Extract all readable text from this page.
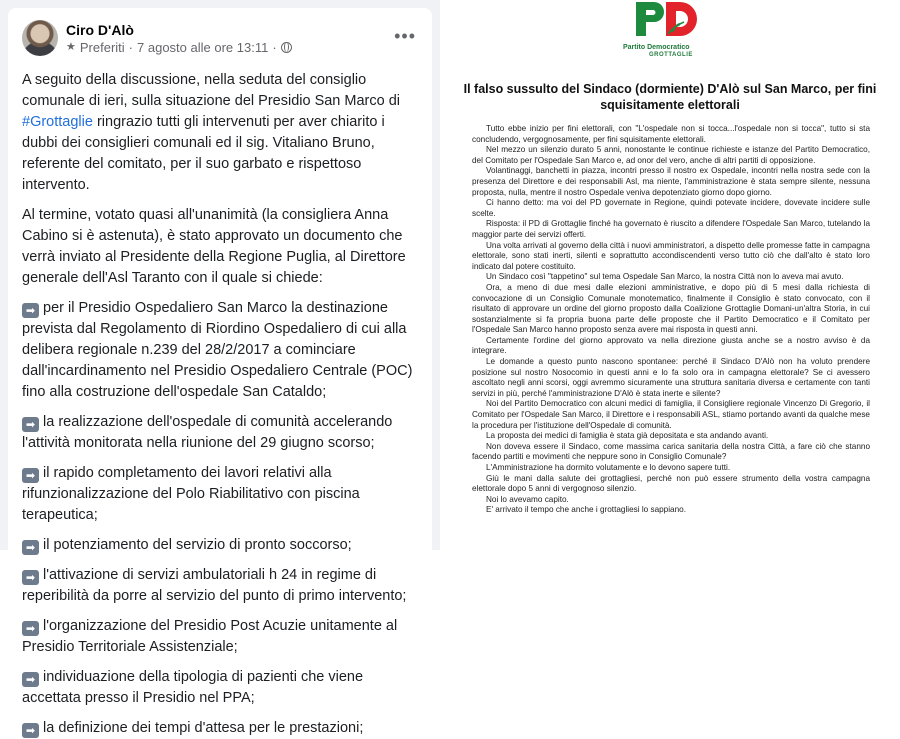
Ciro D'Alò
★ Preferiti · 7 agosto alle ore 13:11 ·
•••

A seguito della discussione, nella seduta del consiglio comunale di ieri, sulla situazione del Presidio San Marco di #Grottaglie ringrazio tutti gli intervenuti per aver chiarito i dubbi dei consiglieri comunali ed il sig. Vitaliano Bruno, referente del comitato, per il suo garbato e rispettoso intervento.

Al termine, votato quasi all'unanimità (la consigliera Anna Cabino si è astenuta), è stato approvato un documento che verrà inviato al Presidente della Regione Puglia, al Direttore generale dell'Asl Taranto con il quale si chiede:

➡ per il Presidio Ospedaliero San Marco la destinazione prevista dal Regolamento di Riordino Ospedaliero di cui alla delibera regionale n.239 del 28/2/2017 a cominciare dall'incardinamento nel Presidio Ospedaliero Centrale (POC) fino alla costruzione dell'ospedale San Cataldo;
➡ la realizzazione dell'ospedale di comunità accelerando l'attività monitorata nella riunione del 29 giugno scorso;
➡ il rapido completamento dei lavori relativi alla rifunzionalizzazione del Polo Riabilitativo con piscina terapeutica;
➡ il potenziamento del servizio di pronto soccorso;
➡ l'attivazione di servizi ambulatoriali h 24 in regime di reperibilità da porre al servizio del punto di primo intervento;
➡ l'organizzazione del Presidio Post Acuzie unitamente al Presidio Territoriale Assistenziale;
➡ individuazione della tipologia di pazienti che viene accettata presso il Presidio nel PPA;
➡ la definizione dei tempi d'attesa per le prestazioni;
Partito Democratico
GROTTAGLIE
Il falso sussulto del Sindaco (dormiente) D'Alò sul San Marco, per fini squisitamente elettorali

Tutto ebbe inizio per fini elettorali, con "L'ospedale non si tocca...l'ospedale non si tocca", tutto si sta concludendo, vergognosamente, per fini squisitamente elettorali.

Nel mezzo un silenzio durato 5 anni, nonostante le continue richieste e istanze del Partito Democratico, del Comitato per l'Ospedale San Marco e, ad onor del vero, anche di altri partiti di opposizione.

Volantinaggi, banchetti in piazza, incontri presso il nostro ex Ospedale, incontri nella nostra sede con la presenza del Direttore e dei responsabili Asl, ma niente, l'amministrazione è stata sempre silente, nessuna proposta, nulla, mentre il nostro Ospedale veniva depotenziato giorno dopo giorno.

Ci hanno detto: ma voi del PD governate in Regione, quindi potevate incidere, dovevate incidere sulle scelte.

Risposta: il PD di Grottaglie finché ha governato è riuscito a difendere l'Ospedale San Marco, tutelando la maggior parte dei servizi offerti.

Una volta arrivati al governo della città i nuovi amministratori, a dispetto delle promesse fatte in campagna elettorale, sono stati inerti, silenti e soprattutto accondiscendenti verso tutto ciò che dall'alto è stato loro indicato dal potere costituito.

Un Sindaco così "tappetino" sul tema Ospedale San Marco, la nostra Città non lo aveva mai avuto.

Ora, a meno di due mesi dalle elezioni amministrative, e dopo più di 5 mesi dalla richiesta di convocazione di un Consiglio Comunale monotematico, finalmente il Consiglio è stato convocato, con il risultato di approvare un ordine del giorno proposto dalla Coalizione Grottaglie Domani-un'altra Storia, in cui sostanzialmente si fa propria buona parte delle proposte che il Partito Democratico e il Comitato per l'Ospedale San Marco hanno proposto senza avere mai risposta in questi anni.

Certamente l'ordine del giorno approvato va nella direzione giusta anche se a nostro avviso è da integrare.

Le domande a questo punto nascono spontanee: perché il Sindaco D'Alò non ha voluto prendere posizione sul nostro Nosocomio in questi anni e lo fa solo ora in campagna elettorale? Se ci avessero ascoltato negli anni scorsi, oggi avremmo sicuramente una struttura sanitaria diversa e certamente con tanti servizi in più, perché l'amministrazione D'Alò è stata inerte e silente?

Noi del Partito Democratico con alcuni medici di famiglia, il Consigliere regionale Vincenzo Di Gregorio, il Comitato per l'Ospedale San Marco, il Direttore e i responsabili ASL, stiamo portando avanti da qualche mese la procedura per l'istituzione dell'Ospedale di comunità.

La proposta dei medici di famiglia è stata già depositata e sta andando avanti.

Non doveva essere il Sindaco, come massima carica sanitaria della nostra Città, a fare ciò che stanno facendo partiti e movimenti che neppure sono in Consiglio Comunale?

L'Amministrazione ha dormito volutamente e lo devono sapere tutti.

Giù le mani dalla salute dei grottagliesi, perché non può essere strumento della vostra campagna elettorale dopo 5 anni di vergognoso silenzio.

Noi lo avevamo capito.

E' arrivato il tempo che anche i grottagliesi lo sappiano.
